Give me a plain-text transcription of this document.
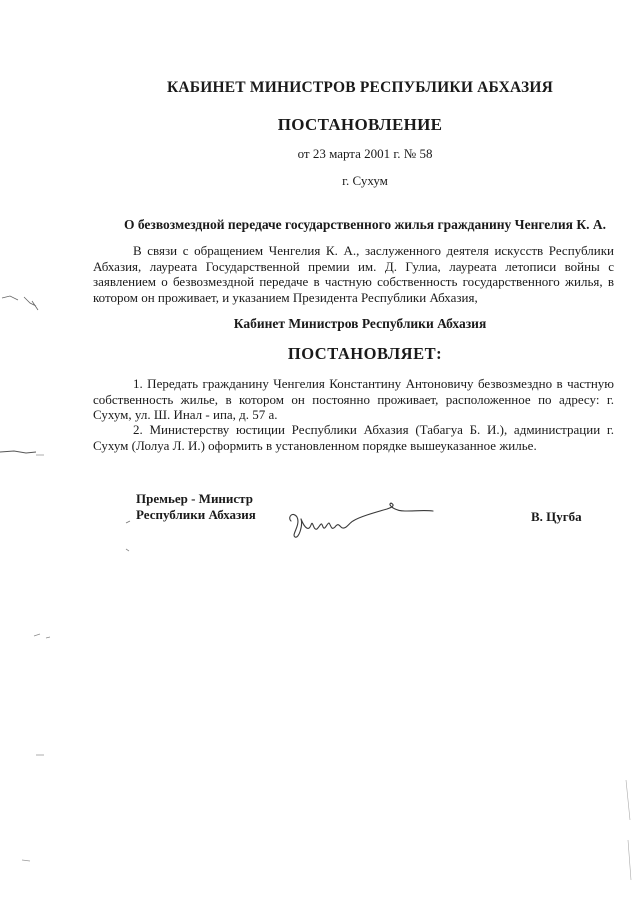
КАБИНЕТ МИНИСТРОВ РЕСПУБЛИКИ АБХАЗИЯ
ПОСТАНОВЛЕНИЕ
от 23 марта 2001 г. № 58
г. Сухум
О безвозмездной передаче государственного жилья гражданину Ченгелия К. А.

В связи с обращением Ченгелия К. А., заслуженного деятеля искусств Республики Абхазия, лауреата Государственной премии им. Д. Гулиа, лауреата летописи войны с заявлением о безвозмездной передаче в частную собственность государственного жилья, в котором он проживает, и указанием Президента Республики Абхазия,

Кабинет Министров Республики Абхазия
ПОСТАНОВЛЯЕТ:

1. Передать гражданину Ченгелия Константину Антоновичу безвозмездно в частную собственность жилье, в котором он постоянно проживает, расположенное по адресу: г. Сухум, ул. Ш. Инал - ипа, д. 57 а.

2. Министерству юстиции Республики Абхазия (Табагуа Б. И.), администрации г. Сухум (Лолуа Л. И.) оформить в установленном порядке вышеуказанное жилье.

Премьер - Министр
Республики Абхазия	В. Цугба
